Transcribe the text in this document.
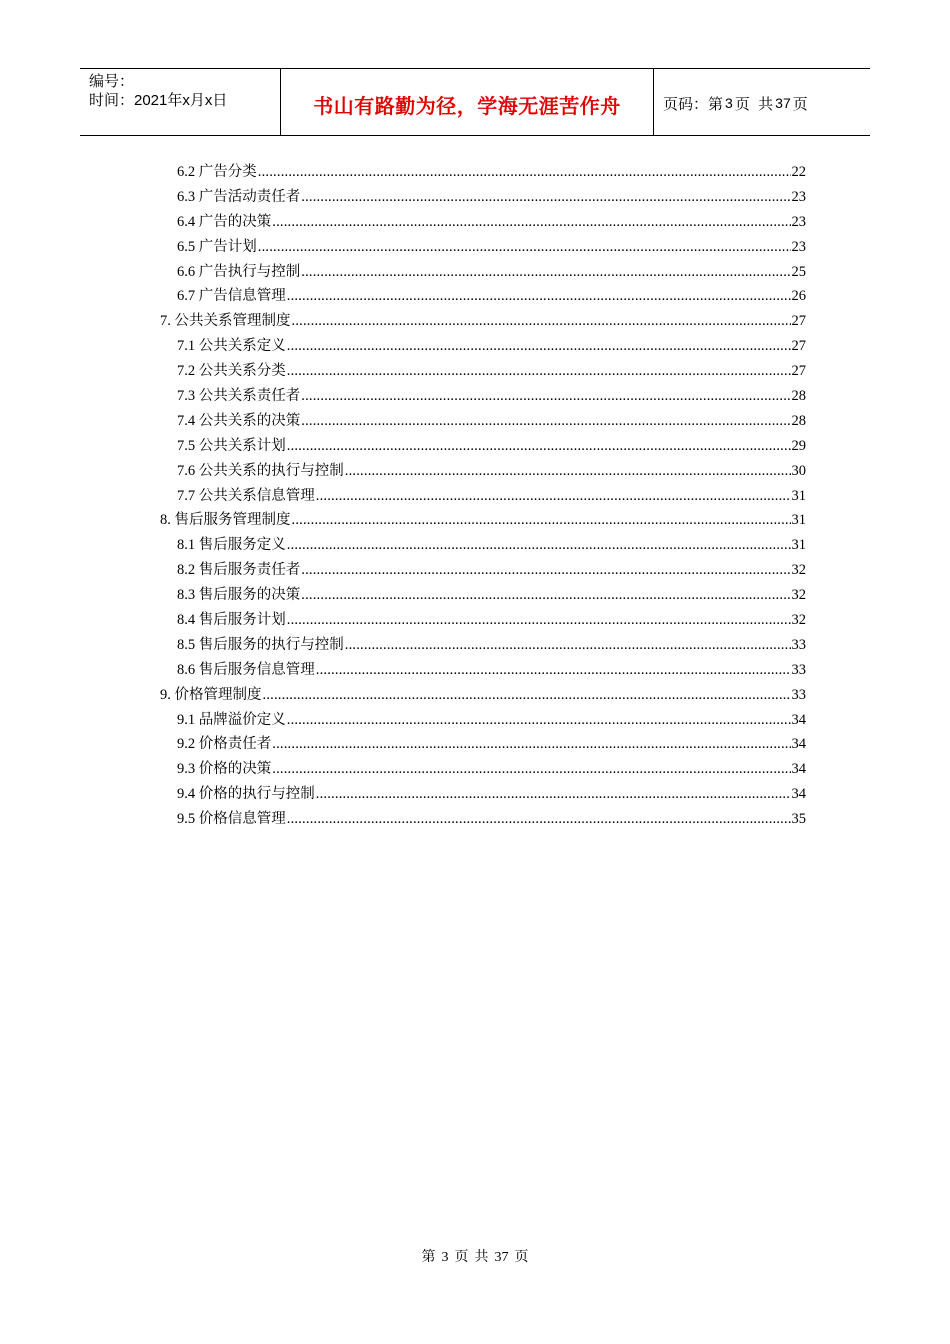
编号：
时间：2021年x月x日	书山有路勤为径，学海无涯苦作舟	页码：第 3 页  共 37 页
6.2 广告分类 .....	22
6.3 广告活动责任者 .....	23
6.4 广告的决策 .....	23
6.5 广告计划 .....	23
6.6 广告执行与控制 .....	25
6.7 广告信息管理 .....	26
7. 公共关系管理制度 .....	27
7.1 公共关系定义 .....	27
7.2 公共关系分类 .....	27
7.3 公共关系责任者 .....	28
7.4 公共关系的决策 .....	28
7.5 公共关系计划 .....	29
7.6 公共关系的执行与控制 .....	30
7.7 公共关系信息管理 .....	31
8. 售后服务管理制度 .....	31
8.1 售后服务定义 .....	31
8.2 售后服务责任者 .....	32
8.3 售后服务的决策 .....	32
8.4 售后服务计划 .....	32
8.5 售后服务的执行与控制 .....	33
8.6 售后服务信息管理 .....	33
9. 价格管理制度 .....	33
9.1 品牌溢价定义 .....	34
9.2 价格责任者 .....	34
9.3 价格的决策 .....	34
9.4 价格的执行与控制 .....	34
9.5 价格信息管理 .....	35
第 3 页 共 37 页
